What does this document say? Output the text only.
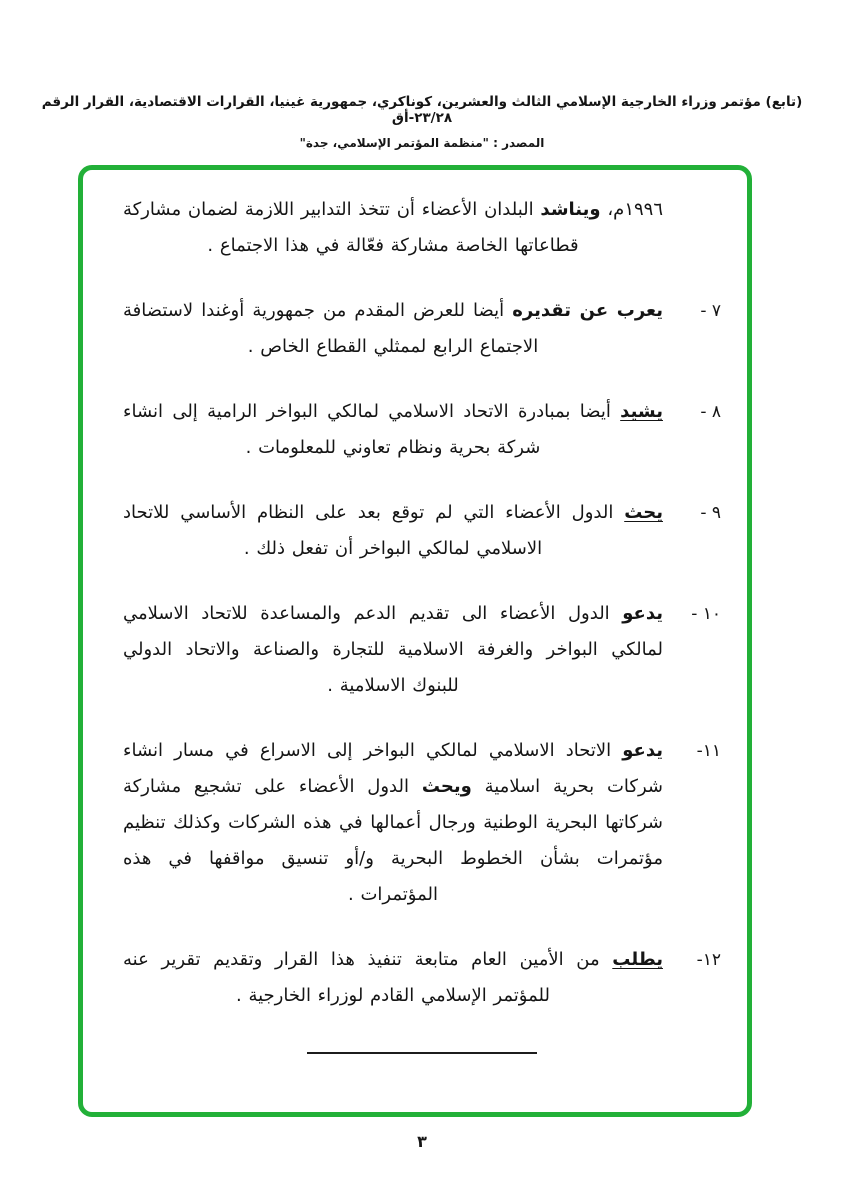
(تابع) مؤتمر وزراء الخارجية الإسلامي الثالث والعشرين، كوناكري، جمهورية غينيا، القرارات الاقتصادية، القرار الرقم ٢٣/٢٨-أق
المصدر : "منظمة المؤتمر الإسلامي، جدة"

١٩٩٦م، ويناشد البلدان الأعضاء أن تتخذ التدابير اللازمة لضمان مشاركة قطاعاتها الخاصة مشاركة فعّالة في هذا الاجتماع .

٧ -

يعرب عن تقديره أيضا للعرض المقدم من جمهورية أوغندا لاستضافة الاجتماع الرابع لممثلي القطاع الخاص .

٨ -

يشيد أيضا بمبادرة الاتحاد الاسلامي لمالكي البواخر الرامية إلى انشاء شركة بحرية ونظام تعاوني للمعلومات .

٩ -

يحث الدول الأعضاء التي لم توقع بعد على النظام الأساسي للاتحاد الاسلامي لمالكي البواخر أن تفعل ذلك .

١٠ -

يدعو الدول الأعضاء الى تقديم الدعم والمساعدة للاتحاد الاسلامي لمالكي البواخر والغرفة الاسلامية للتجارة والصناعة والاتحاد الدولي للبنوك الاسلامية .

١١-

يدعو الاتحاد الاسلامي لمالكي البواخر إلى الاسراع في مسار انشاء شركات بحرية اسلامية ويحث الدول الأعضاء على تشجيع مشاركة شركاتها البحرية الوطنية ورجال أعمالها في هذه الشركات وكذلك تنظيم مؤتمرات بشأن الخطوط البحرية و/أو تنسيق مواقفها في هذه المؤتمرات .

١٢-

يطلب من الأمين العام متابعة تنفيذ هذا القرار وتقديم تقرير عنه للمؤتمر الإسلامي القادم لوزراء الخارجية .

٣
